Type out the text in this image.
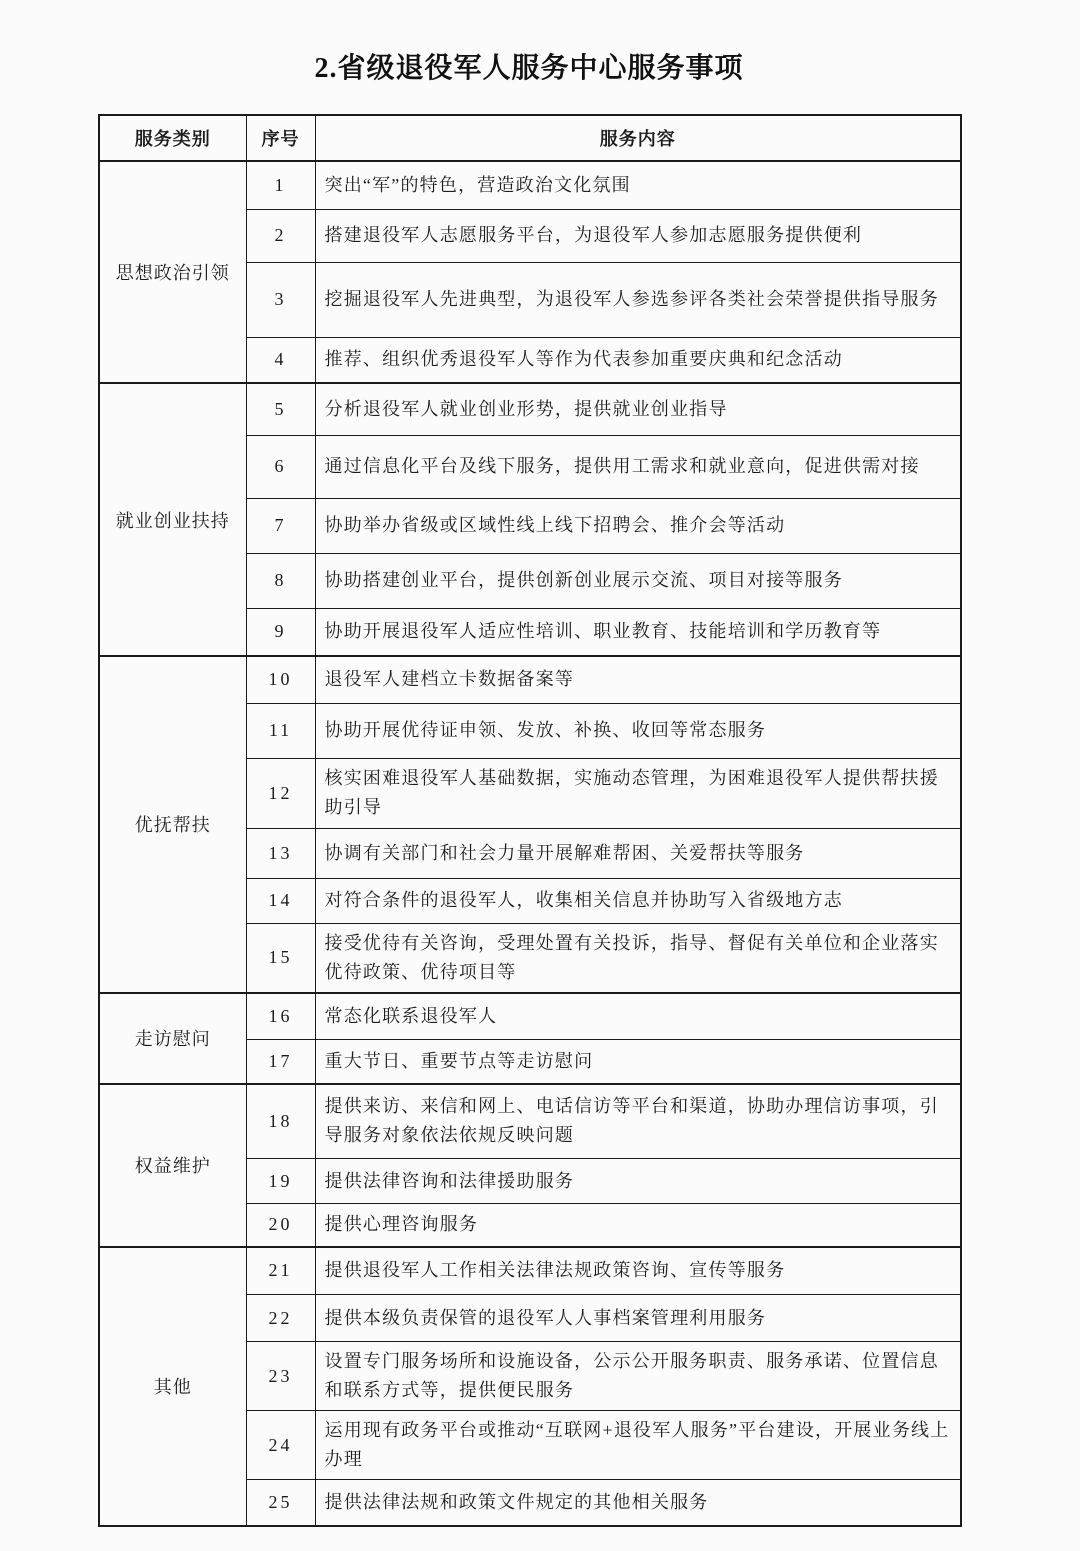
2.省级退役军人服务中心服务事项
服务类别	序号	服务内容
思想政治引领	1	突出“军”的特色，营造政治文化氛围
	2	搭建退役军人志愿服务平台，为退役军人参加志愿服务提供便利
	3	挖掘退役军人先进典型，为退役军人参选参评各类社会荣誉提供指导服务
	4	推荐、组织优秀退役军人等作为代表参加重要庆典和纪念活动
就业创业扶持	5	分析退役军人就业创业形势，提供就业创业指导
	6	通过信息化平台及线下服务，提供用工需求和就业意向，促进供需对接
	7	协助举办省级或区域性线上线下招聘会、推介会等活动
	8	协助搭建创业平台，提供创新创业展示交流、项目对接等服务
	9	协助开展退役军人适应性培训、职业教育、技能培训和学历教育等
优抚帮扶	10	退役军人建档立卡数据备案等
	11	协助开展优待证申领、发放、补换、收回等常态服务
	12	核实困难退役军人基础数据，实施动态管理，为困难退役军人提供帮扶援助引导
	13	协调有关部门和社会力量开展解难帮困、关爱帮扶等服务
	14	对符合条件的退役军人，收集相关信息并协助写入省级地方志
	15	接受优待有关咨询，受理处置有关投诉，指导、督促有关单位和企业落实优待政策、优待项目等
走访慰问	16	常态化联系退役军人
	17	重大节日、重要节点等走访慰问
权益维护	18	提供来访、来信和网上、电话信访等平台和渠道，协助办理信访事项，引导服务对象依法依规反映问题
	19	提供法律咨询和法律援助服务
	20	提供心理咨询服务
其他	21	提供退役军人工作相关法律法规政策咨询、宣传等服务
	22	提供本级负责保管的退役军人人事档案管理利用服务
	23	设置专门服务场所和设施设备，公示公开服务职责、服务承诺、位置信息和联系方式等，提供便民服务
	24	运用现有政务平台或推动“互联网+退役军人服务”平台建设，开展业务线上办理
	25	提供法律法规和政策文件规定的其他相关服务
